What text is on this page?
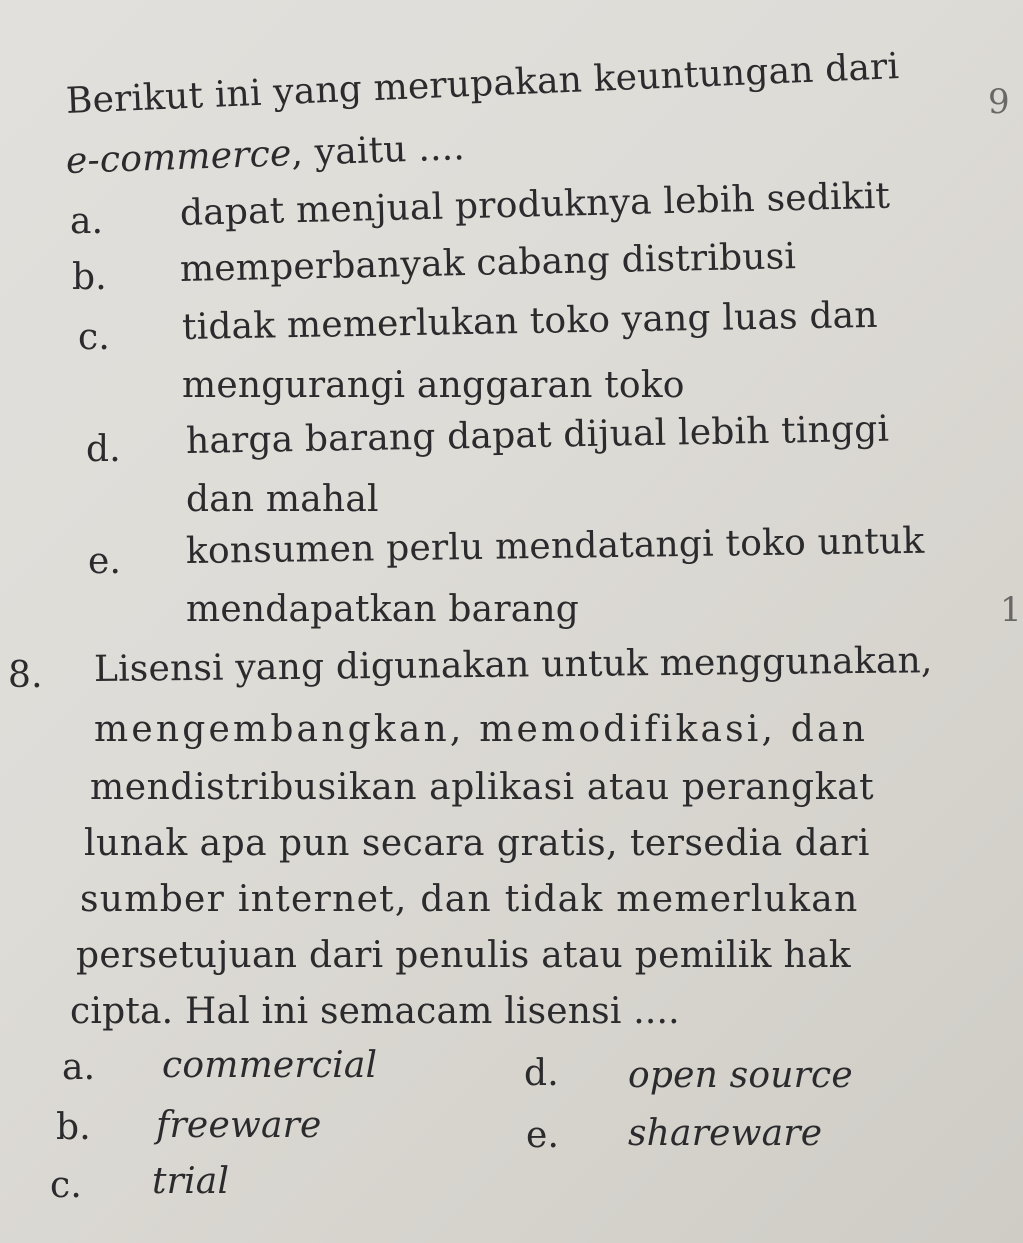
Berikut ini yang merupakan keuntungan dari	9
e-commerce, yaitu ....
a. dapat menjual produknya lebih sedikit
b. memperbanyak cabang distribusi
c. tidak memerlukan toko yang luas dan
mengurangi anggaran toko
d. harga barang dapat dijual lebih tinggi
dan mahal
e. konsumen perlu mendatangi toko untuk
mendapatkan barang	1
8. Lisensi yang digunakan untuk menggunakan,
mengembangkan, memodifikasi, dan
mendistribusikan aplikasi atau perangkat
lunak apa pun secara gratis, tersedia dari
sumber internet, dan tidak memerlukan
persetujuan dari penulis atau pemilik hak
cipta. Hal ini semacam lisensi ....
a. commercial
b. freeware
c. trial
d. open source
e. shareware
